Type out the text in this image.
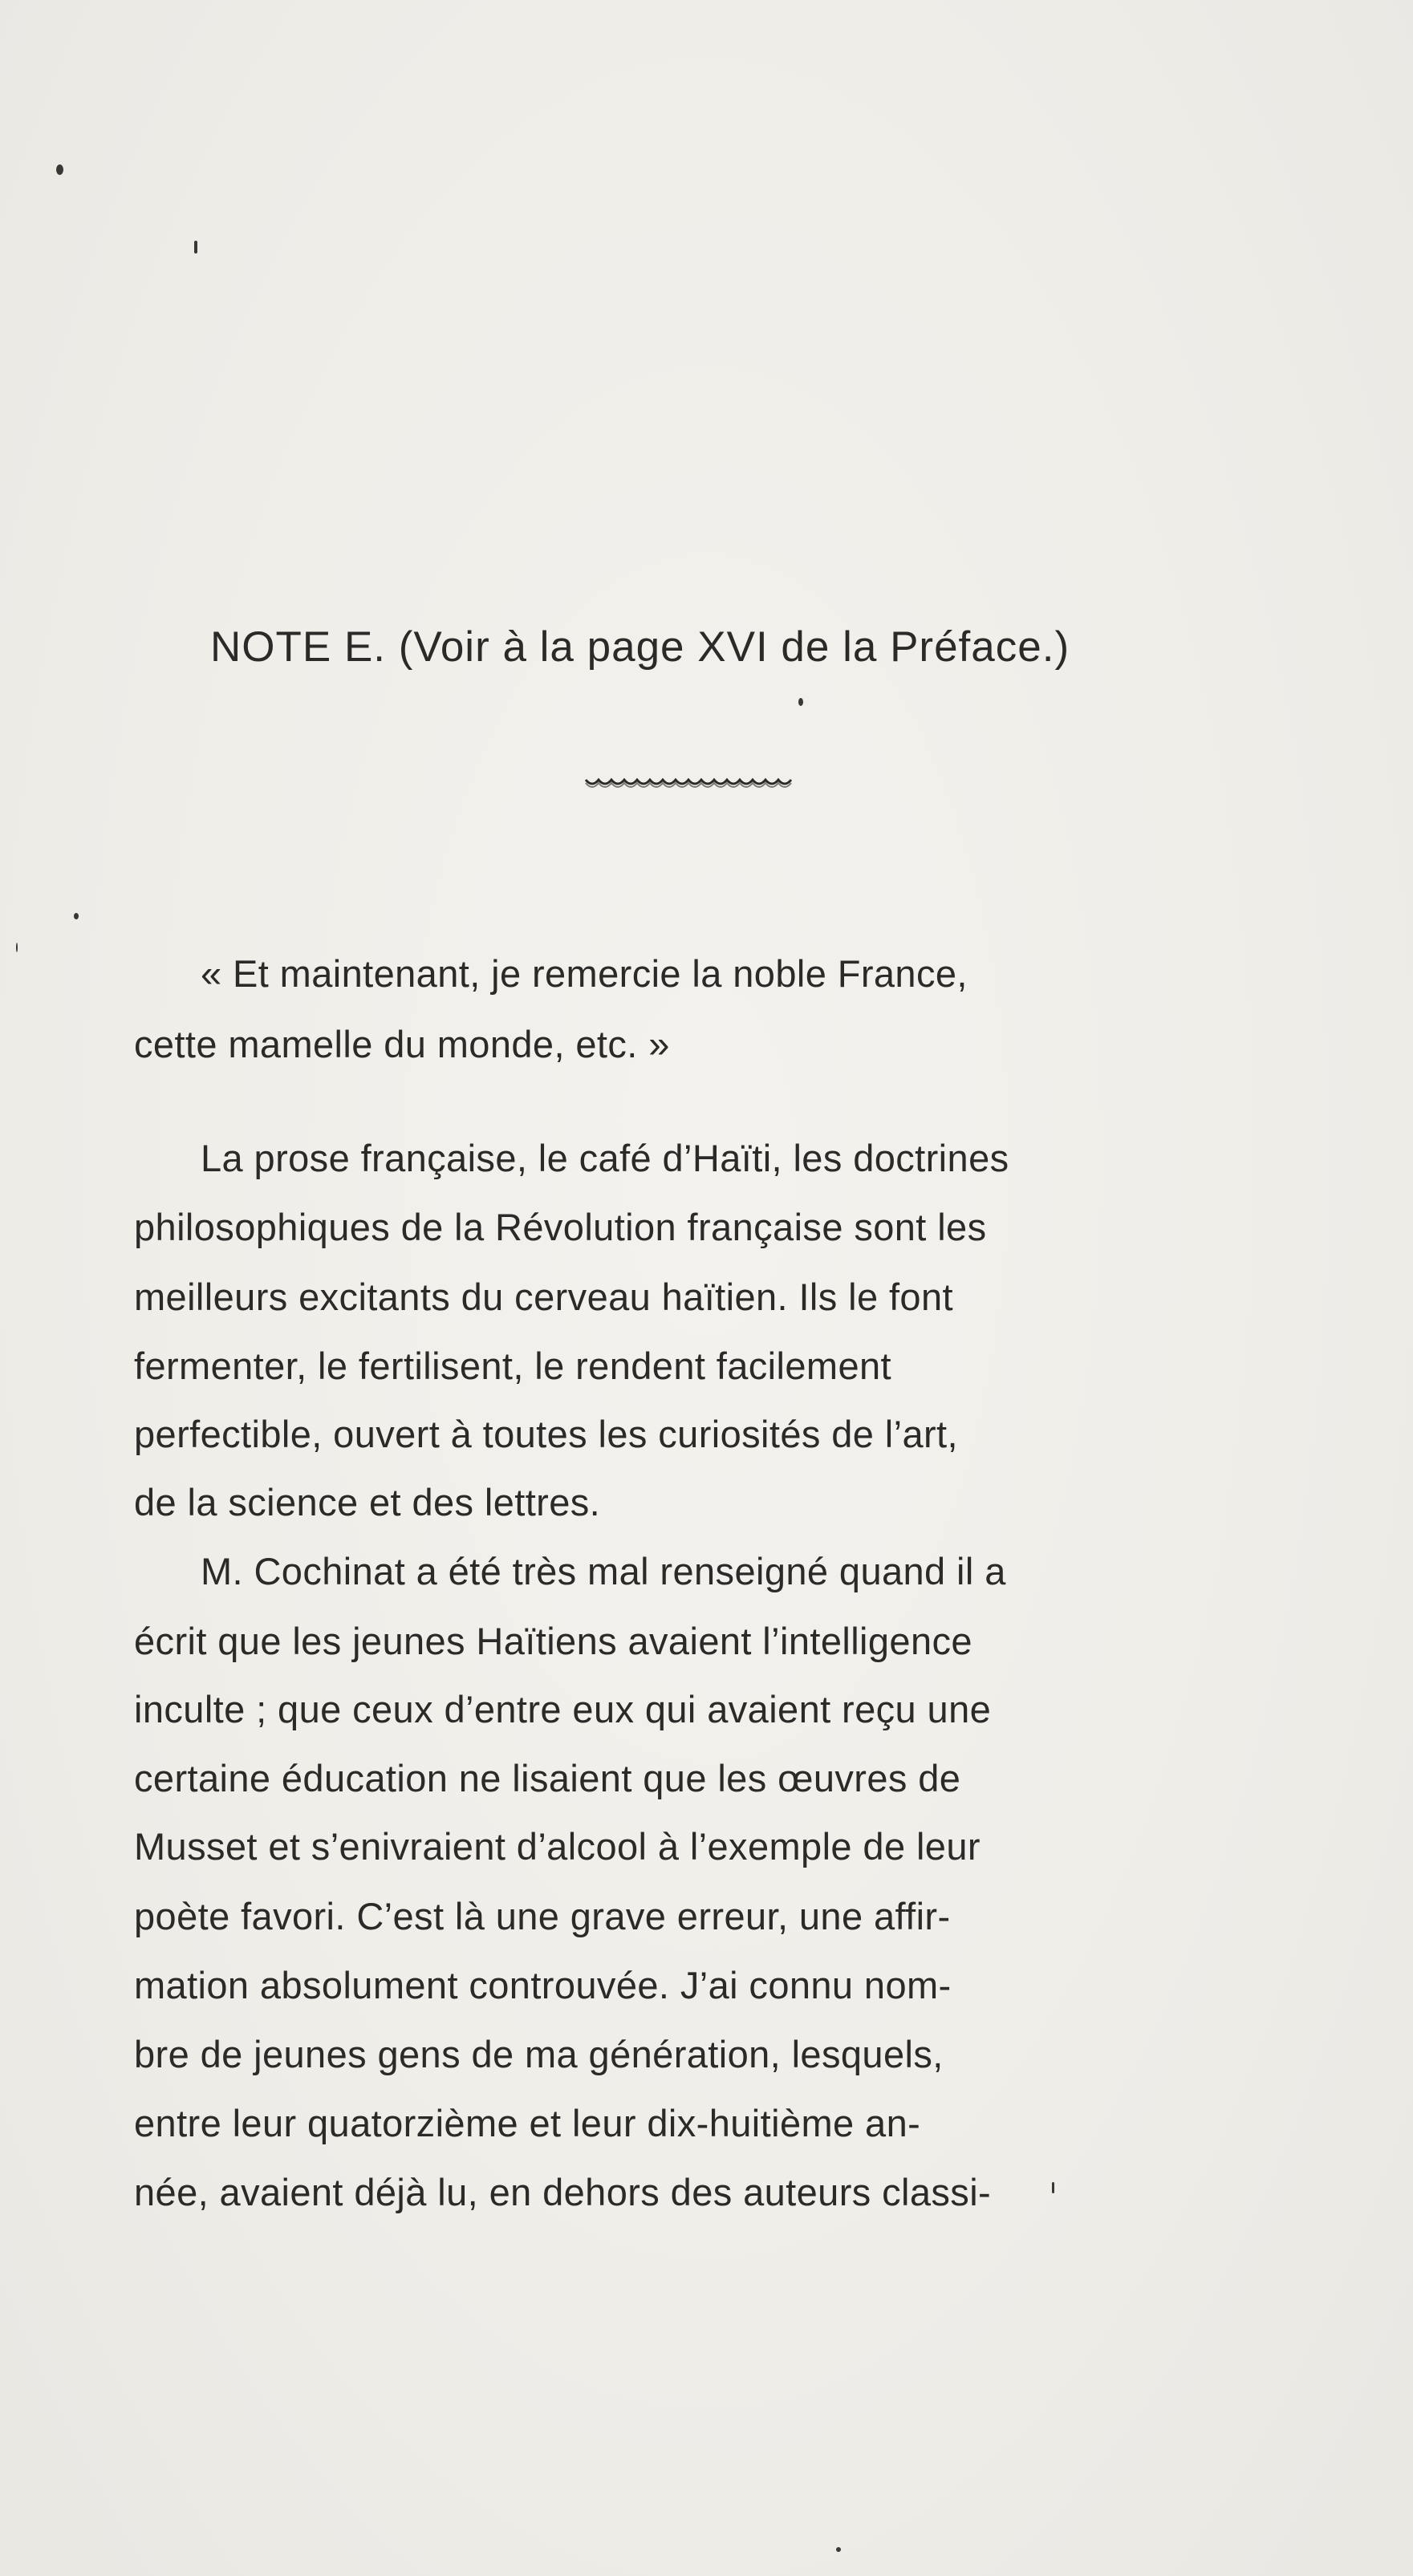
NOTE E. (Voir à la page XVI de la Préface.)
« Et maintenant, je remercie la noble France,
cette mamelle du monde, etc. »
La prose française, le café d’Haïti, les doctrines
philosophiques de la Révolution française sont les
meilleurs excitants du cerveau haïtien. Ils le font
fermenter, le fertilisent, le rendent facilement
perfectible, ouvert à toutes les curiosités de l’art,
de la science et des lettres.
M. Cochinat a été très mal renseigné quand il a
écrit que les jeunes Haïtiens avaient l’intelligence
inculte ; que ceux d’entre eux qui avaient reçu une
certaine éducation ne lisaient que les œuvres de
Musset et s’enivraient d’alcool à l’exemple de leur
poète favori. C’est là une grave erreur, une affir-
mation absolument controuvée. J’ai connu nom-
bre de jeunes gens de ma génération, lesquels,
entre leur quatorzième et leur dix-huitième an-
née, avaient déjà lu, en dehors des auteurs classi-
